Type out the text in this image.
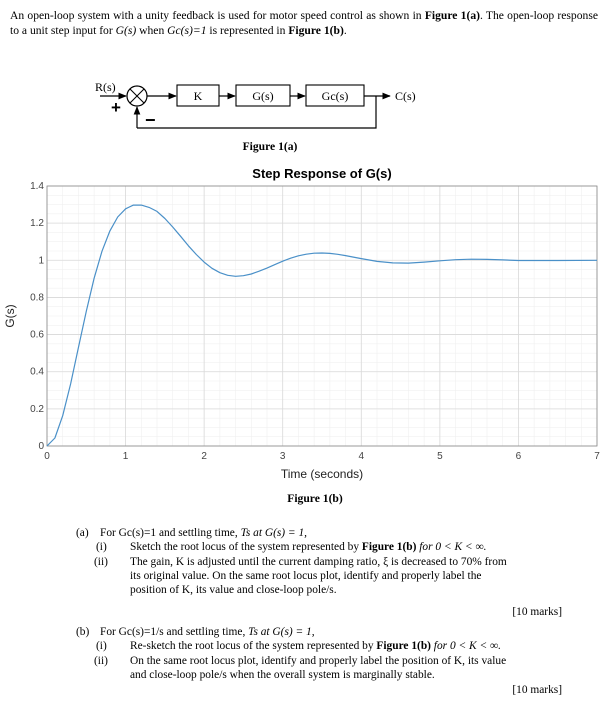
An open-loop system with a unity feedback is used for motor speed control as shown in Figure 1(a). The open-loop response to a unit step input for G(s) when Gc(s)=1 is represented in Figure 1(b).
R(s)
+
K	G(s)	Gc(s)	C(s)
−
Figure 1(a)
Step Response of G(s)
0	1	2	3	4	5	6	7
0
0.2
0.4
0.6
0.8
1
1.2
1.4
Time (seconds)
G(s)
Figure 1(b)
(a) For Gc(s)=1 and settling time, Ts at G(s) = 1,
(i) Sketch the root locus of the system represented by Figure 1(b) for 0 < K < ∞.
(ii) The gain, K is adjusted until the current damping ratio, ξ is decreased to 70% from
its original value. On the same root locus plot, identify and properly label the
position of K, its value and close-loop pole/s.
[10 marks]
(b) For Gc(s)=1/s and settling time, Ts at G(s) = 1,
(i) Re-sketch the root locus of the system represented by Figure 1(b) for 0 < K < ∞.
(ii) On the same root locus plot, identify and properly label the position of K, its value
and close-loop pole/s when the overall system is marginally stable.
[10 marks]
